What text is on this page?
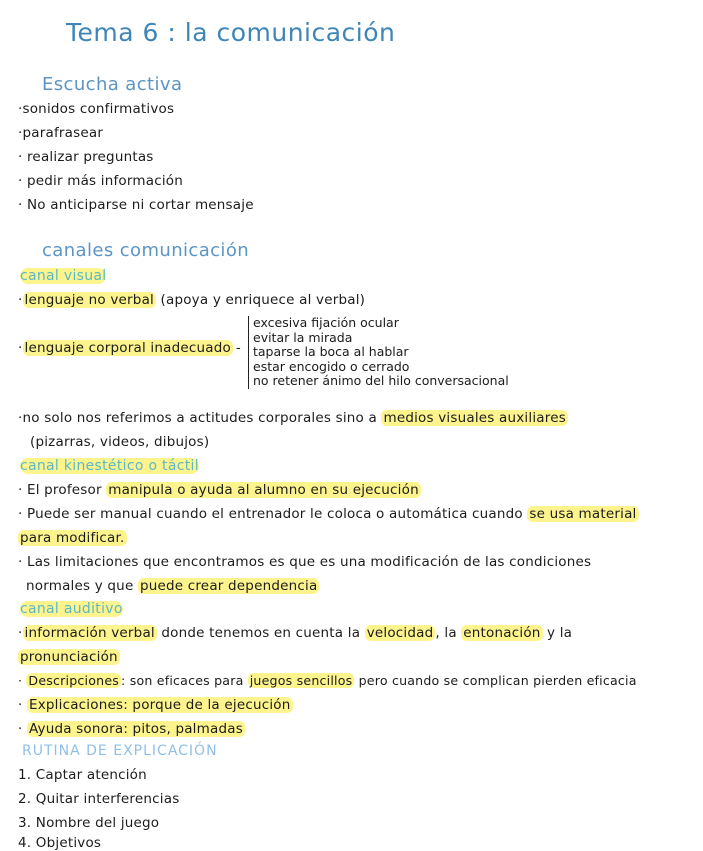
Tema 6 : la comunicación
Escucha activa
·sonidos confirmativos
·parafrasear
· realizar preguntas
· pedir más información
· No anticiparse ni cortar mensaje
canales comunicación
canal visual
· lenguaje no verbal (apoya y enriquece al verbal)
· lenguaje corporal inadecuado -
excesiva fijación ocular
evitar la mirada
taparse la boca al hablar
estar encogido o cerrado
no retener ánimo del hilo conversacional
·no solo nos referimos a actitudes corporales sino a medios visuales auxiliares
(pizarras, videos, dibujos)
canal kinestético o táctil
· El profesor manipula o ayuda al alumno en su ejecución
· Puede ser manual cuando el entrenador le coloca o automática cuando se usa material
para modificar.
· Las limitaciones que encontramos es que es una modificación de las condiciones
normales y que puede crear dependencia
canal auditivo
· información verbal donde tenemos en cuenta la velocidad , la entonación y la
pronunciación
· Descripciones : son eficaces para juegos sencillos pero cuando se complican pierden eficacia
· Explicaciones: porque de la ejecución
· Ayuda sonora: pitos, palmadas
RUTINA DE EXPLICACIÓN
1. Captar atención
2. Quitar interferencias
3. Nombre del juego
4. Objetivos
